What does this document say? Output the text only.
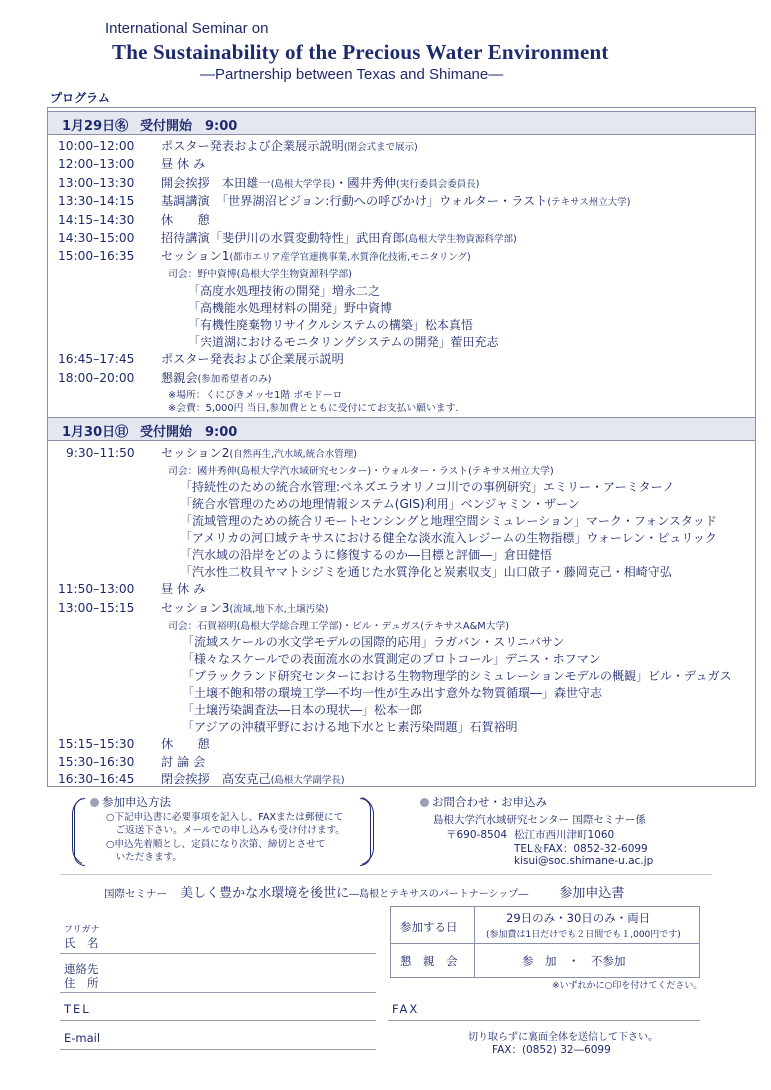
International Seminar on
The Sustainability of the Precious Water Environment
—Partnership between Texas and Shimane—
プログラム
1月29日㊔ 受付開始　9:00
10:00–12:00 ポスター発表および企業展示説明(閉会式まで展示)
12:00–13:00 昼 休 み
13:00–13:30 開会挨拶　本田雄一(島根大学学長)・國井秀伸(実行委員会委員長)
13:30–14:15 基調講演　「世界湖沼ビジョン:行動への呼びかけ」ウォルター・ラスト(テキサス州立大学)
14:15–14:30 休　　憩
14:30–15:00 招待講演「斐伊川の水質変動特性」武田育郎(島根大学生物資源科学部)
15:00–16:35 セッション1(都市エリア産学官連携事業,水質浄化技術,モニタリング)
司会：野中資博(島根大学生物資源科学部)
「高度水処理技術の開発」増永二之
「高機能水処理材料の開発」野中資博
「有機性廃棄物リサイクルシステムの構築」松本真悟
「宍道湖におけるモニタリングシステムの開発」蒮田充志
16:45–17:45 ポスター発表および企業展示説明
18:00–20:00 懇親会(参加希望者のみ)
※場所：くにびきメッセ1階 ポモドーロ
※会費：5,000円 当日,参加費とともに受付にてお支払い願います.
1月30日㊐ 受付開始　9:00
9:30–11:50 セッション2(自然再生,汽水域,統合水管理)
司会：國井秀伸(島根大学汽水域研究センター)・ウォルター・ラスト(テキサス州立大学)
「持続性のための統合水管理:ベネズエラオリノコ川での事例研究」エミリー・アーミターノ
「統合水管理のための地理情報システム(GIS)利用」ベンジャミン・ザーン
「流域管理のための統合リモートセンシングと地理空間シミュレーション」マーク・フォンスタッド
「アメリカの河口域テキサスにおける健全な淡水流入レジームの生物指標」ウォーレン・ピュリック
「汽水域の沿岸をどのように修復するのか―目標と評価―」倉田健悟
「汽水性二枚貝ヤマトシジミを通じた水質浄化と炭素収支」山口啟子・藤岡克己・相崎守弘
11:50–13:00 昼 休 み
13:00–15:15 セッション3(流域,地下水,土壌汚染)
司会：石賀裕明(島根大学総合理工学部)・ビル・デュガス(テキサスA&M大学)
「流域スケールの水文学モデルの国際的応用」ラガバン・スリニバサン
「様々なスケールでの表面流水の水質測定のプロトコール」デニス・ホフマン
「ブラックランド研究センターにおける生物物理学的シミュレーションモデルの概観」ビル・デュガス
「土壌不飽和帯の環境工学―不均一性が生み出す意外な物質循環―」森世守志
「土壌汚染調査法―日本の現状―」松本一郎
「アジアの沖積平野における地下水とヒ素汚染問題」石賀裕明
15:15–15:30 休　　憩
15:30–16:30 討 論 会
16:30–16:45 閉会挨拶　高安克己(島根大学副学長)
参加申込方法
○下記申込書に必要事項を記入し、FAXまたは郵便にて
　ご返送下さい。メールでの申し込みも受け付けます。
○申込先着順とし、定員になり次第、締切とさせて
　いただきます。
お問合わせ・お申込み
島根大学汽水域研究センター 国際セミナー係
〒690-8504 松江市西川津町1060
TEL＆FAX：0852-32-6099
kisui@soc.shimane-u.ac.jp
国際セミナー 美しく豊かな水環境を後世に―島根とテキサスのパートナーシップ― 参加申込書
フリガナ
氏　名
連絡先
住　所
TEL
E-mail
参加する日
29日のみ・30日のみ・両日
(参加費は1日だけでも２日間でも１,000円です)
懇　親　会	参　加　・　不参加
※いずれかに○印を付けてください。
FAX
切り取らずに裏面全体を送信して下さい。
FAX：(0852) 32―6099
